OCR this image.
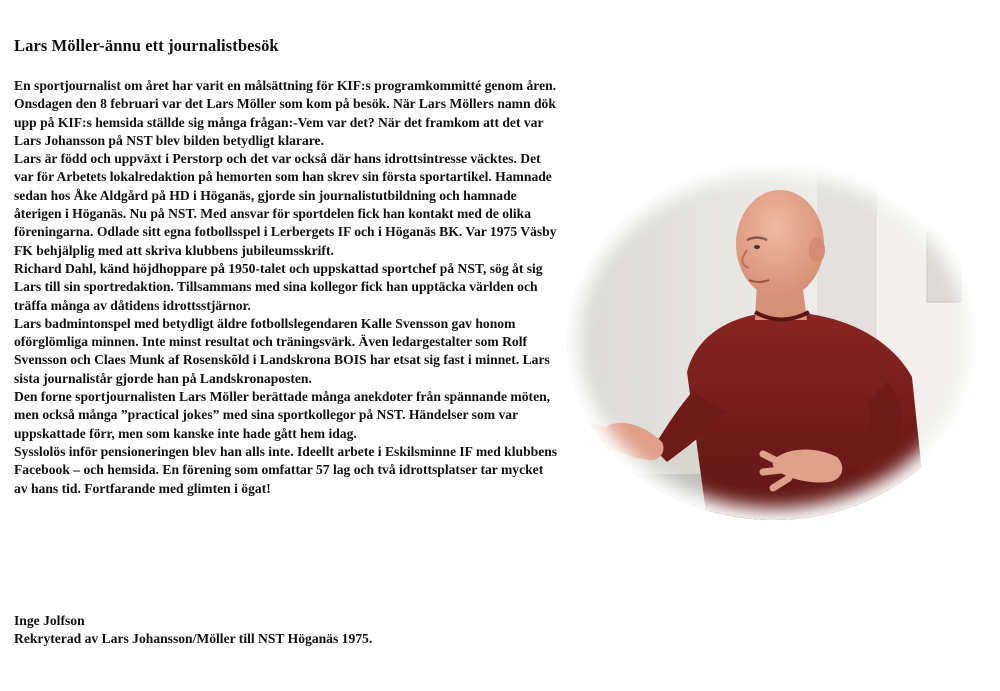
Lars Möller-ännu ett journalistbesök

En sportjournalist om året har varit en målsättning för KIF:s programkommitté genom åren.

Onsdagen den 8 februari var det Lars Möller som kom på besök. När Lars Möllers namn dök upp på KIF:s hemsida ställde sig många frågan:-Vem var det? När det framkom att det var Lars Johansson på NST blev bilden betydligt klarare.

Lars är född och uppväxt i Perstorp och det var också där hans idrottsintresse väcktes. Det var för Arbetets lokalredaktion på hemorten som han skrev sin första sportartikel. Hamnade sedan hos Åke Aldgård på HD i Höganäs, gjorde sin journalistutbildning och hamnade återigen i Höganäs. Nu på NST. Med ansvar för sportdelen fick han kontakt med de olika föreningarna. Odlade sitt egna fotbollsspel i Lerbergets IF och i Höganäs BK. Var 1975 Väsby FK behjälplig med att skriva klubbens jubileumsskrift.

Richard Dahl, känd höjdhoppare på 1950-talet och uppskattad sportchef på NST, sög åt sig Lars till sin sportredaktion. Tillsammans med sina kollegor fick han upptäcka världen och träffa många av dåtidens idrottsstjärnor.

Lars badmintonspel med betydligt äldre fotbollslegendaren Kalle Svensson gav honom oförglömliga minnen. Inte minst resultat och träningsvärk. Även ledargestalter som Rolf Svensson och Claes Munk af Rosenskõld i Landskrona BOIS har etsat sig fast i minnet. Lars sista journalistår gjorde han på Landskronaposten.

Den forne sportjournalisten Lars Möller berättade många anekdoter från spännande möten, men också många ”practical jokes” med sina sportkollegor på NST. Händelser som var uppskattade förr, men som kanske inte hade gått hem idag.

Sysslolös inför pensioneringen blev han alls inte. Ideellt arbete i Eskilsminne IF med klubbens Facebook – och hemsida. En förening som omfattar 57 lag och två idrottsplatser tar mycket av hans tid. Fortfarande med glimten i ögat!

Inge Jolfson

Rekryterad av Lars Johansson/Möller till NST Höganäs 1975.
